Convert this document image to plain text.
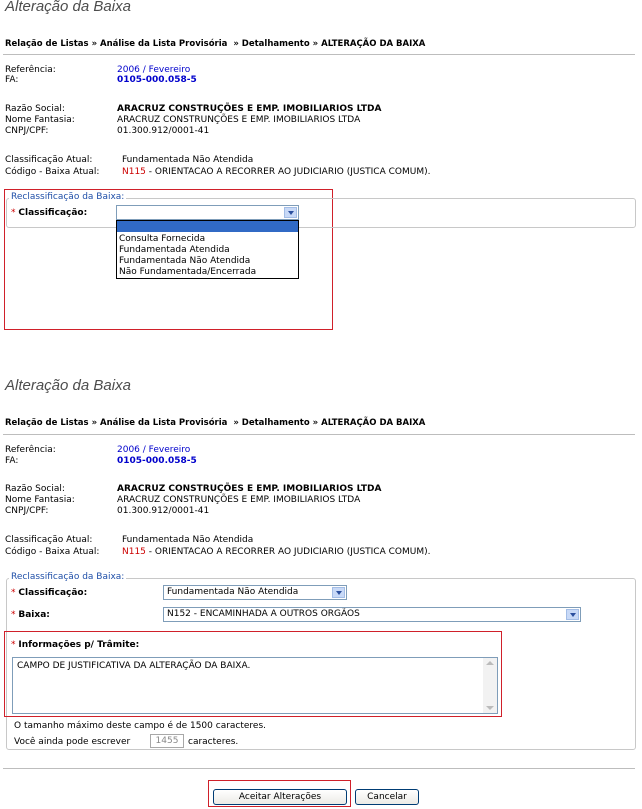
Alteração da Baixa
Relação de Listas » Análise da Lista Provisória » Detalhamento » ALTERAÇÃO DA BAIXA
Referência:	2006 / Fevereiro
FA:	0105-000.058-5
Razão Social:	ARACRUZ CONSTRUÇÕES E EMP. IMOBILIARIOS LTDA
Nome Fantasia:	ARACRUZ CONSTRUNÇÕES E EMP. IMOBILIARIOS LTDA
CNPJ/CPF:	01.300.912/0001-41
Classificação Atual:	Fundamentada Não Atendida
Código - Baixa Atual:	N115 - ORIENTACAO A RECORRER AO JUDICIARIO (JUSTICA COMUM).
Reclassificação da Baixa:
* Classificação:
Consulta Fornecida
Fundamentada Atendida
Fundamentada Não Atendida
Não Fundamentada/Encerrada
Alteração da Baixa
Relação de Listas » Análise da Lista Provisória » Detalhamento » ALTERAÇÃO DA BAIXA
Referência:	2006 / Fevereiro
FA:	0105-000.058-5
Razão Social:	ARACRUZ CONSTRUÇÕES E EMP. IMOBILIARIOS LTDA
Nome Fantasia:	ARACRUZ CONSTRUNÇÕES E EMP. IMOBILIARIOS LTDA
CNPJ/CPF:	01.300.912/0001-41
Classificação Atual:	Fundamentada Não Atendida
Código - Baixa Atual:	N115 - ORIENTACAO A RECORRER AO JUDICIARIO (JUSTICA COMUM).
Reclassificação da Baixa:
* Classificação:	Fundamentada Não Atendida
* Baixa:	N152 - ENCAMINHADA A OUTROS ORGÃOS
* Informações p/ Trâmite:
CAMPO DE JUSTIFICATIVA DA ALTERAÇÃO DA BAIXA.
O tamanho máximo deste campo é de 1500 caracteres.
Você ainda pode escrever	1455	caracteres.
Aceitar Alterações	Cancelar
